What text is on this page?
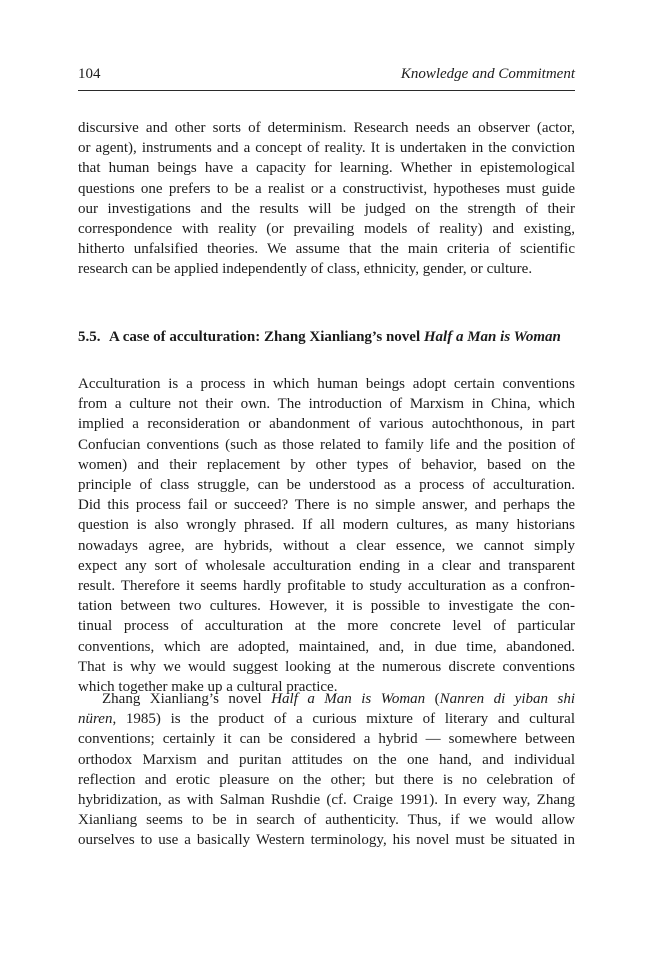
104	Knowledge and Commitment

discursive and other sorts of determinism. Research needs an observer (actor,
or agent), instruments and a concept of reality. It is undertaken in the conviction
that human beings have a capacity for learning. Whether in epistemological
questions one prefers to be a realist or a constructivist, hypotheses must guide
our investigations and the results will be judged on the strength of their
correspondence with reality (or prevailing models of reality) and existing,
hitherto unfalsified theories. We assume that the main criteria of scientific
research can be applied independently of class, ethnicity, gender, or culture.

5.5. A case of acculturation: Zhang Xianliang’s novel Half a Man is Woman

Acculturation is a process in which human beings adopt certain conventions
from a culture not their own. The introduction of Marxism in China, which
implied a reconsideration or abandonment of various autochthonous, in part
Confucian conventions (such as those related to family life and the position of
women) and their replacement by other types of behavior, based on the
principle of class struggle, can be understood as a process of acculturation.
Did this process fail or succeed? There is no simple answer, and perhaps the
question is also wrongly phrased. If all modern cultures, as many historians
nowadays agree, are hybrids, without a clear essence, we cannot simply
expect any sort of wholesale acculturation ending in a clear and transparent
result. Therefore it seems hardly profitable to study acculturation as a confron-
tation between two cultures. However, it is possible to investigate the con-
tinual process of acculturation at the more concrete level of particular
conventions, which are adopted, maintained, and, in due time, abandoned.
That is why we would suggest looking at the numerous discrete conventions
which together make up a cultural practice.

Zhang Xianliang’s novel Half a Man is Woman (Nanren di yiban shi
nüren, 1985) is the product of a curious mixture of literary and cultural
conventions; certainly it can be considered a hybrid — somewhere between
orthodox Marxism and puritan attitudes on the one hand, and individual
reflection and erotic pleasure on the other; but there is no celebration of
hybridization, as with Salman Rushdie (cf. Craige 1991). In every way, Zhang
Xianliang seems to be in search of authenticity. Thus, if we would allow
ourselves to use a basically Western terminology, his novel must be situated in
